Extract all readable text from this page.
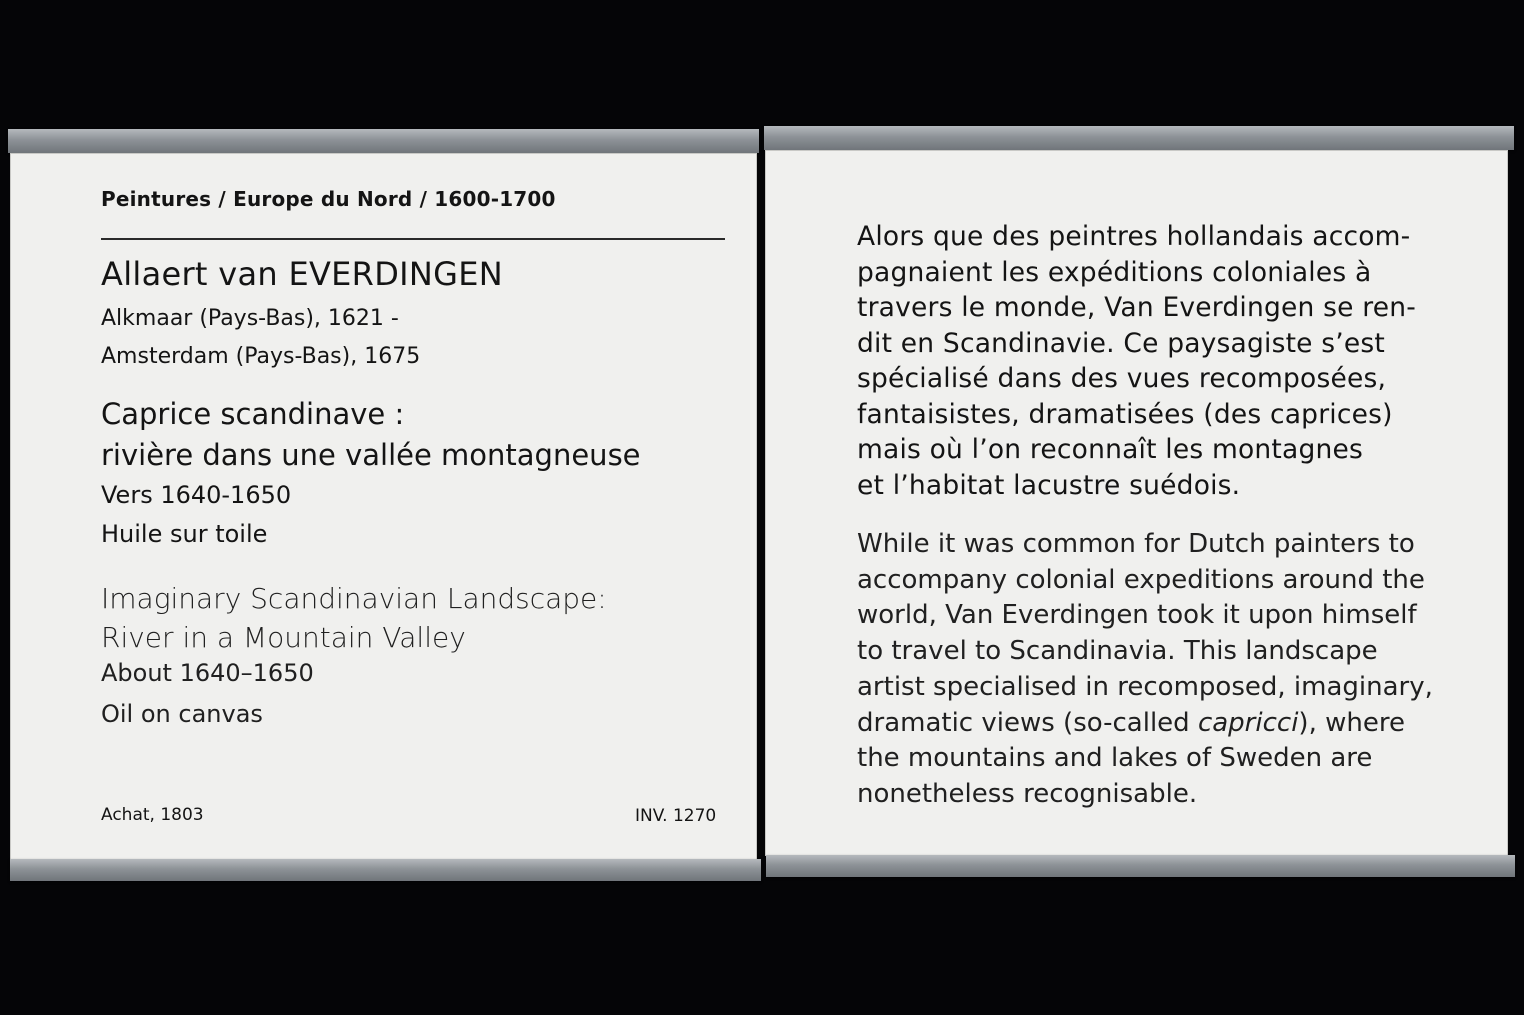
Peintures / Europe du Nord / 1600-1700
Allaert van EVERDINGEN
Alkmaar (Pays-Bas), 1621 -
Amsterdam (Pays-Bas), 1675
Caprice scandinave :
rivière dans une vallée montagneuse
Vers 1640-1650
Huile sur toile
Imaginary Scandinavian Landscape:
River in a Mountain Valley
About 1640–1650
Oil on canvas
Achat, 1803	INV. 1270
Alors que des peintres hollandais accom-
pagnaient les expéditions coloniales à
travers le monde, Van Everdingen se ren-
dit en Scandinavie. Ce paysagiste s’est
spécialisé dans des vues recomposées,
fantaisistes, dramatisées (des caprices)
mais où l’on reconnaît les montagnes
et l’habitat lacustre suédois.
While it was common for Dutch painters to
accompany colonial expeditions around the
world, Van Everdingen took it upon himself
to travel to Scandinavia. This landscape
artist specialised in recomposed, imaginary,
dramatic views (so-called capricci), where
the mountains and lakes of Sweden are
nonetheless recognisable.
